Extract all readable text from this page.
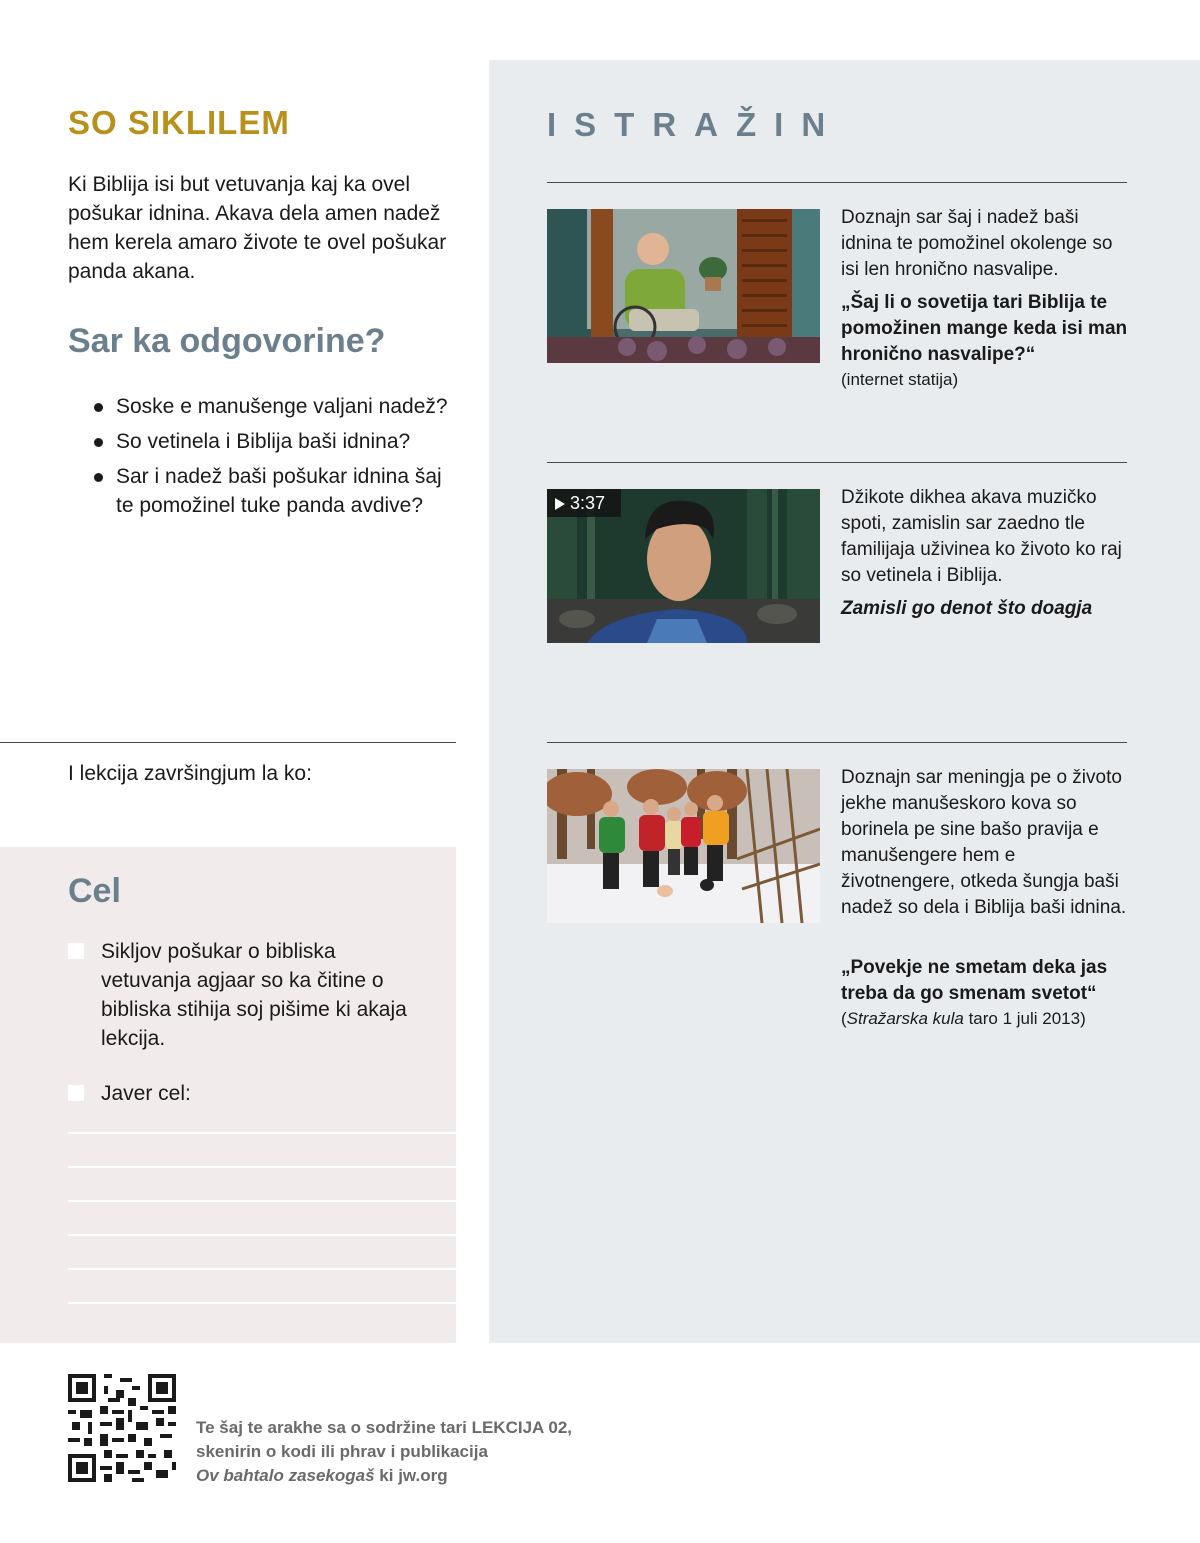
SO SIKLILEM

Ki Biblija isi but vetuvanja kaj ka ovel pošukar idnina. Akava dela amen nadež hem kerela amaro živote te ovel pošukar panda akana.

Sar ka odgovorine?
Soske e manušenge valjani nadež?
So vetinela i Biblija baši idnina?
Sar i nadež baši pošukar idnina šaj te pomožinel tuke panda avdive?

I lekcija završingjum la ko:

Cel
Sikljov pošukar o bibliska vetuvanja agjaar so ka čitine o bibliska stihija soj pišime ki akaja lekcija.
Javer cel:
ISTRAŽIN

Doznajn sar šaj i nadež baši idnina te pomožinel okolenge so isi len hronično nasvalipe.

„Šaj li o sovetija tari Biblija te pomožinen mange keda isi man hronično nasvalipe?“
(internet statija)

3:37	Džikote dikhea akava muzičko spoti, zamislin sar zaedno tle familijaja uživinea ko životo ko raj so vetinela i Biblija.

Zamisli go denot što doagja

Doznajn sar meningja pe o životo jekhe manušeskoro kova so borinela pe sine bašo pravija e manušengere hem e životnengere, otkeda šungja baši nadež so dela i Biblija baši idnina.

„Povekje ne smetam deka jas treba da go smenam svetot“
(Stražarska kula taro 1 juli 2013)

Te šaj te arakhe sa o sodržine tari LEKCIJA 02,
skenirin o kodi ili phrav i publikacija
Ov bahtalo zasekogaš ki jw.org
